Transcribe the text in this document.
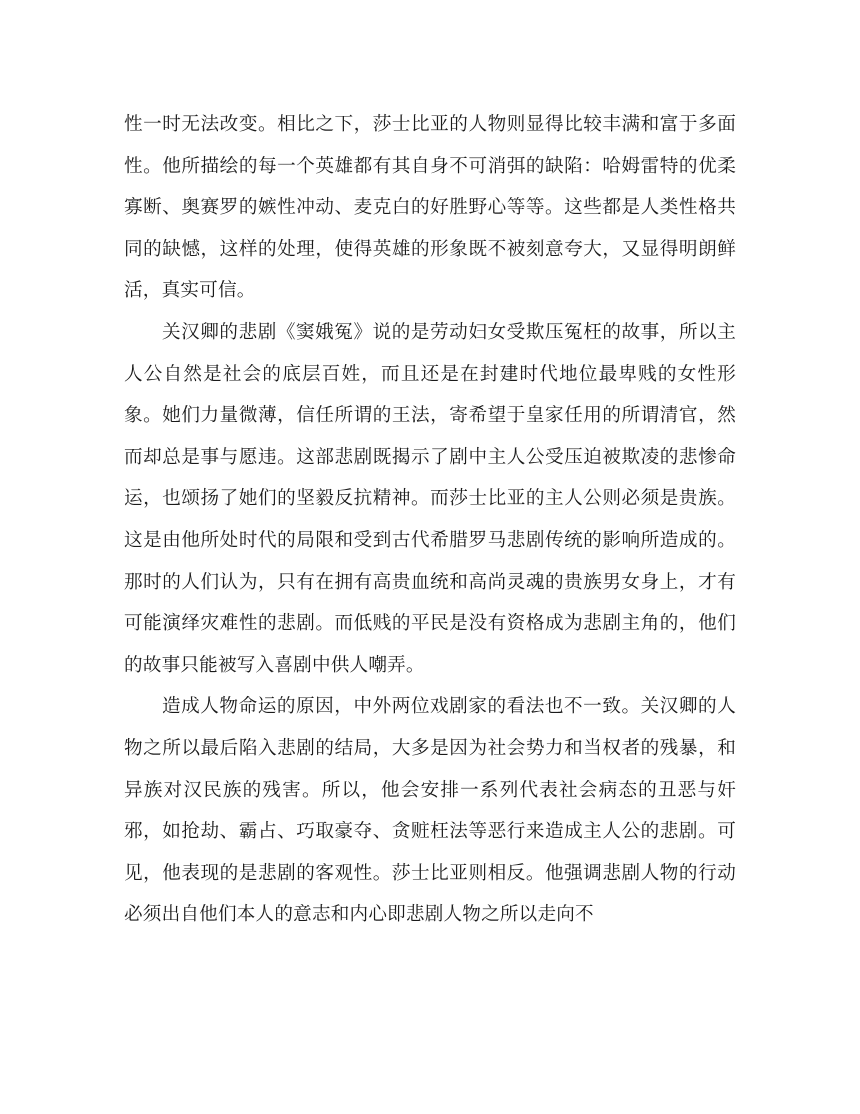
性一时无法改变。相比之下，莎士比亚的人物则显得比较丰满和富于多面性。他所描绘的每一个英雄都有其自身不可消弭的缺陷：哈姆雷特的优柔寡断、奥赛罗的嫉性冲动、麦克白的好胜野心等等。这些都是人类性格共同的缺憾，这样的处理，使得英雄的形象既不被刻意夸大，又显得明朗鲜活，真实可信。

关汉卿的悲剧《窦娥冤》说的是劳动妇女受欺压冤枉的故事，所以主人公自然是社会的底层百姓，而且还是在封建时代地位最卑贱的女性形象。她们力量微薄，信任所谓的王法，寄希望于皇家任用的所谓清官，然而却总是事与愿违。这部悲剧既揭示了剧中主人公受压迫被欺凌的悲惨命运，也颂扬了她们的坚毅反抗精神。而莎士比亚的主人公则必须是贵族。这是由他所处时代的局限和受到古代希腊罗马悲剧传统的影响所造成的。那时的人们认为，只有在拥有高贵血统和高尚灵魂的贵族男女身上，才有可能演绎灾难性的悲剧。而低贱的平民是没有资格成为悲剧主角的，他们的故事只能被写入喜剧中供人嘲弄。

造成人物命运的原因，中外两位戏剧家的看法也不一致。关汉卿的人物之所以最后陷入悲剧的结局，大多是因为社会势力和当权者的残暴，和异族对汉民族的残害。所以，他会安排一系列代表社会病态的丑恶与奸邪，如抢劫、霸占、巧取豪夺、贪赃枉法等恶行来造成主人公的悲剧。可见，他表现的是悲剧的客观性。莎士比亚则相反。他强调悲剧人物的行动必须出自他们本人的意志和内心即悲剧人物之所以走向不
